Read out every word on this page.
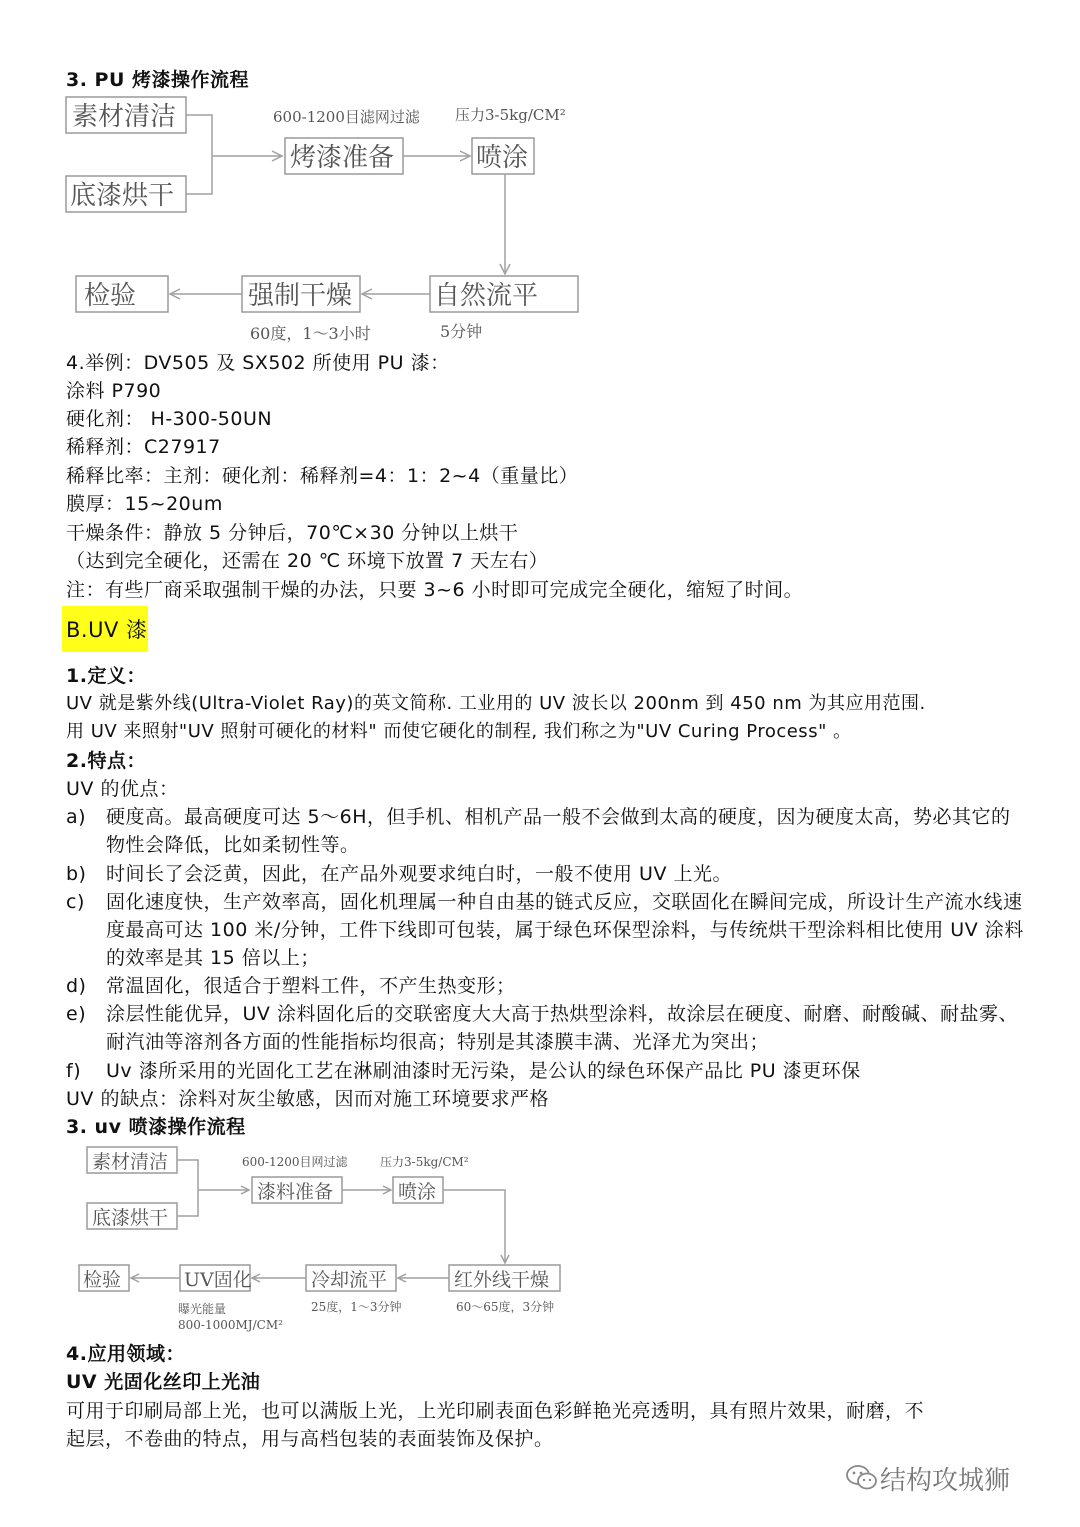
3. PU 烤漆操作流程
素材清洁
底漆烘干
烤漆准备	喷涂
自然流平
强制干燥
检验
600-1200目滤网过滤 压力3-5kg/CM²
60度，1～3小时	5分钟
4.举例：DV505 及 SX502 所使用 PU 漆：
涂料 P790
硬化剂： H-300-50UN
稀释剂：C27917
稀释比率：主剂：硬化剂：稀释剂=4：1：2~4（重量比）
膜厚：15~20um
干燥条件：静放 5 分钟后，70℃×30 分钟以上烘干
（达到完全硬化，还需在 20 ℃ 环境下放置 7 天左右）
注：有些厂商采取强制干燥的办法，只要 3~6 小时即可完成完全硬化，缩短了时间。
B.UV 漆
1.定义：
UV 就是紫外线(Ultra-Violet Ray)的英文简称. 工业用的 UV 波长以 200nm 到 450 nm 为其应用范围.
用 UV 来照射"UV 照射可硬化的材料" 而使它硬化的制程, 我们称之为"UV Curing Process" 。
2.特点：
UV 的优点：
a) 硬度高。最高硬度可达 5～6H，但手机、相机产品一般不会做到太高的硬度，因为硬度太高，势必其它的物性会降低，比如柔韧性等。
b) 时间长了会泛黄，因此，在产品外观要求纯白时，一般不使用 UV 上光。
c) 固化速度快，生产效率高，固化机理属一种自由基的链式反应，交联固化在瞬间完成，所设计生产流水线速度最高可达 100 米/分钟，工件下线即可包装，属于绿色环保型涂料，与传统烘干型涂料相比使用 UV 涂料的效率是其 15 倍以上；
d) 常温固化，很适合于塑料工件，不产生热变形；
e) 涂层性能优异，UV 涂料固化后的交联密度大大高于热烘型涂料，故涂层在硬度、耐磨、耐酸碱、耐盐雾、耐汽油等溶剂各方面的性能指标均很高；特别是其漆膜丰满、光泽尤为突出；
f) Uv 漆所采用的光固化工艺在淋刷油漆时无污染，是公认的绿色环保产品比 PU 漆更环保
UV 的缺点：涂料对灰尘敏感，因而对施工环境要求严格
3. uv 喷漆操作流程
素材清洁
底漆烘干
漆料准备	喷涂
红外线干燥
冷却流平
UV固化
检验
600-1200目网过滤	压力3-5kg/CM²
60～65度，3分钟
25度，1～3分钟
曝光能量
800-1000MJ/CM²
4.应用领域：
UV 光固化丝印上光油
可用于印刷局部上光，也可以满版上光，上光印刷表面色彩鲜艳光亮透明，具有照片效果，耐磨，不
起层，不卷曲的特点，用与高档包装的表面装饰及保护。
结构攻城狮
